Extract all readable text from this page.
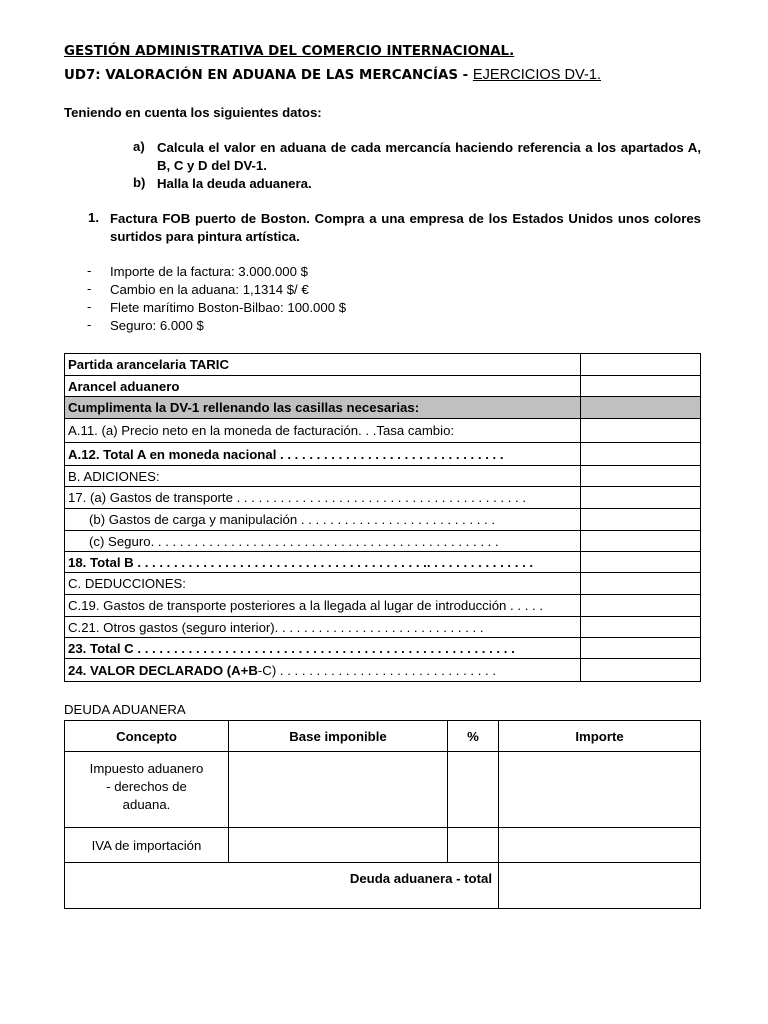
GESTIÓN ADMINISTRATIVA DEL COMERCIO INTERNACIONAL.
UD7: VALORACIÓN EN ADUANA DE LAS MERCANCÍAS - EJERCICIOS DV-1.
Teniendo en cuenta los siguientes datos:
a) Calcula el valor en aduana de cada mercancía haciendo referencia a los apartados A, B, C y D del DV-1.
b) Halla la deuda aduanera.
1. Factura FOB puerto de Boston. Compra a una empresa de los Estados Unidos unos colores surtidos para pintura artística.
- Importe de la factura: 3.000.000 $
- Cambio en la aduana: 1,1314 $/ €
- Flete marítimo Boston-Bilbao: 100.000 $
- Seguro: 6.000 $
Partida arancelaria TARIC	
Arancel aduanero	
Cumplimenta la DV-1 rellenando las casillas necesarias:	
A.11. (a) Precio neto en la moneda de facturación. . .Tasa cambio:	
A.12. Total A en moneda nacional . . . . . . . . . . . . . . . . . . . . . . . . . . . . . . .	
B. ADICIONES:	
17. (a) Gastos de transporte . . . . . . . . . . . . . . . . . . . . . . . . . . . . . . . . . . . . . . . .	
(b) Gastos de carga y manipulación . . . . . . . . . . . . . . . . . . . . . . . . . . .	
(c) Seguro. . . . . . . . . . . . . . . . . . . . . . . . . . . . . . . . . . . . . . . . . . . . . . . .	
18. Total B . . . . . . . . . . . . . . . . . . . . . . . . . . . . . . . . . . . . . . . .. . . . . . . . . . . . . . .	
C. DEDUCCIONES:	
C.19. Gastos de transporte posteriores a la llegada al lugar de introducción . . . . .	
C.21. Otros gastos (seguro interior). . . . . . . . . . . . . . . . . . . . . . . . . . . . .	
23. Total C . . . . . . . . . . . . . . . . . . . . . . . . . . . . . . . . . . . . . . . . . . . . . . . . . . . .	
24. VALOR DECLARADO (A+B-C) . . . . . . . . . . . . . . . . . . . . . . . . . . . . . .	
DEUDA ADUANERA
Concepto	Base imponible	%	Importe

Impuesto aduanero - derechos de aduana.			

IVA de importación			
Deuda aduanera - total			
